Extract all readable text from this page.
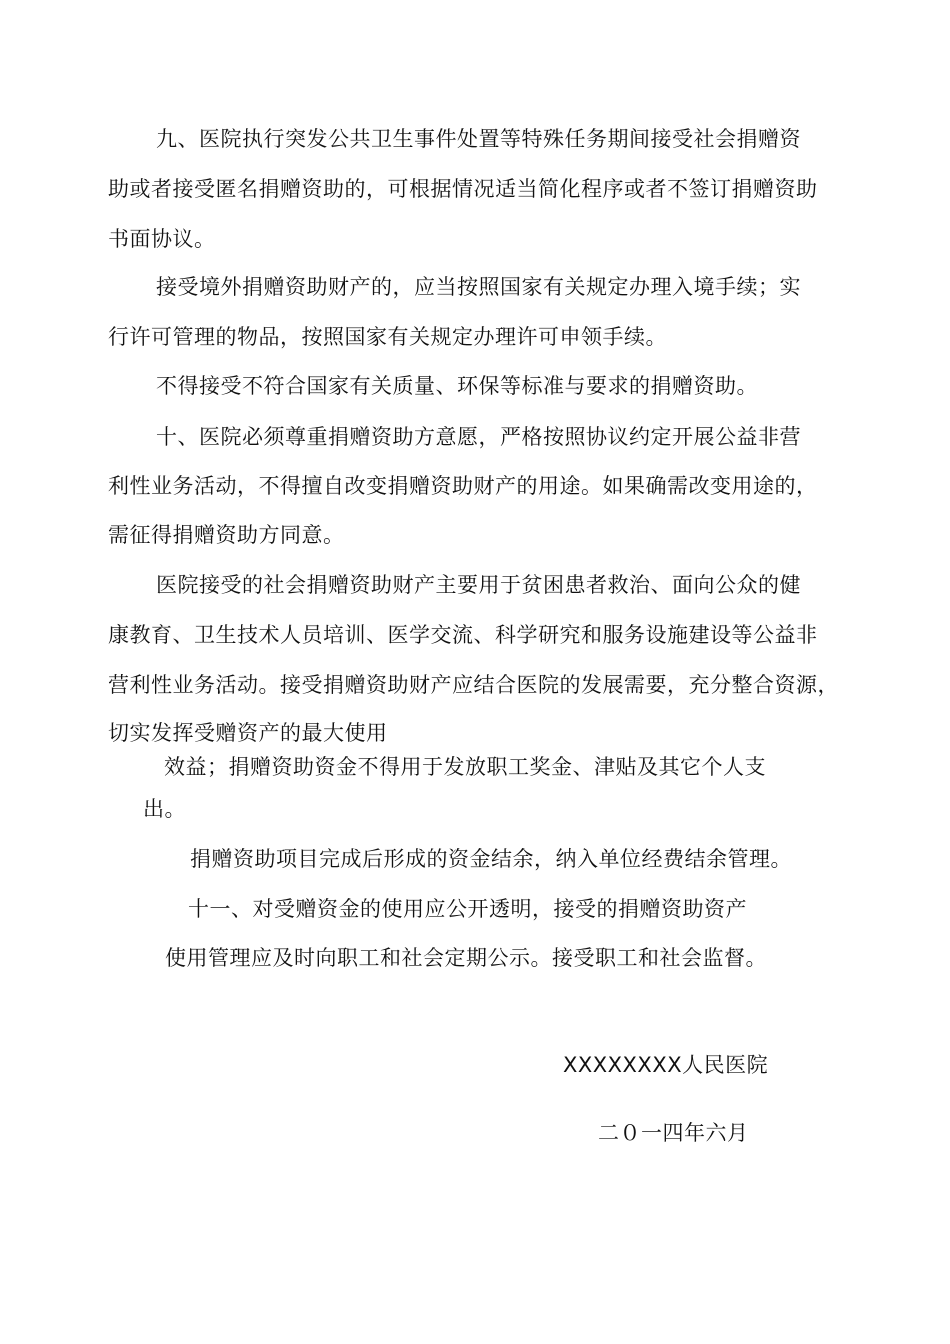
九、医院执行突发公共卫生事件处置等特殊任务期间接受社会捐赠资
助或者接受匿名捐赠资助的，可根据情况适当简化程序或者不签订捐赠资助
书面协议。
接受境外捐赠资助财产的，应当按照国家有关规定办理入境手续；实
行许可管理的物品，按照国家有关规定办理许可申领手续。
不得接受不符合国家有关质量、环保等标准与要求的捐赠资助。
十、医院必须尊重捐赠资助方意愿，严格按照协议约定开展公益非营
利性业务活动，不得擅自改变捐赠资助财产的用途。如果确需改变用途的，
需征得捐赠资助方同意。
医院接受的社会捐赠资助财产主要用于贫困患者救治、面向公众的健
康教育、卫生技术人员培训、医学交流、科学研究和服务设施建设等公益非
营利性业务活动。接受捐赠资助财产应结合医院的发展需要，充分整合资源，
切实发挥受赠资产的最大使用
效益；捐赠资助资金不得用于发放职工奖金、津贴及其它个人支
出。
捐赠资助项目完成后形成的资金结余，纳入单位经费结余管理。
十一、对受赠资金的使用应公开透明，接受的捐赠资助资产
使用管理应及时向职工和社会定期公示。接受职工和社会监督。
XXXXXXXX人民医院
二０一四年六月
